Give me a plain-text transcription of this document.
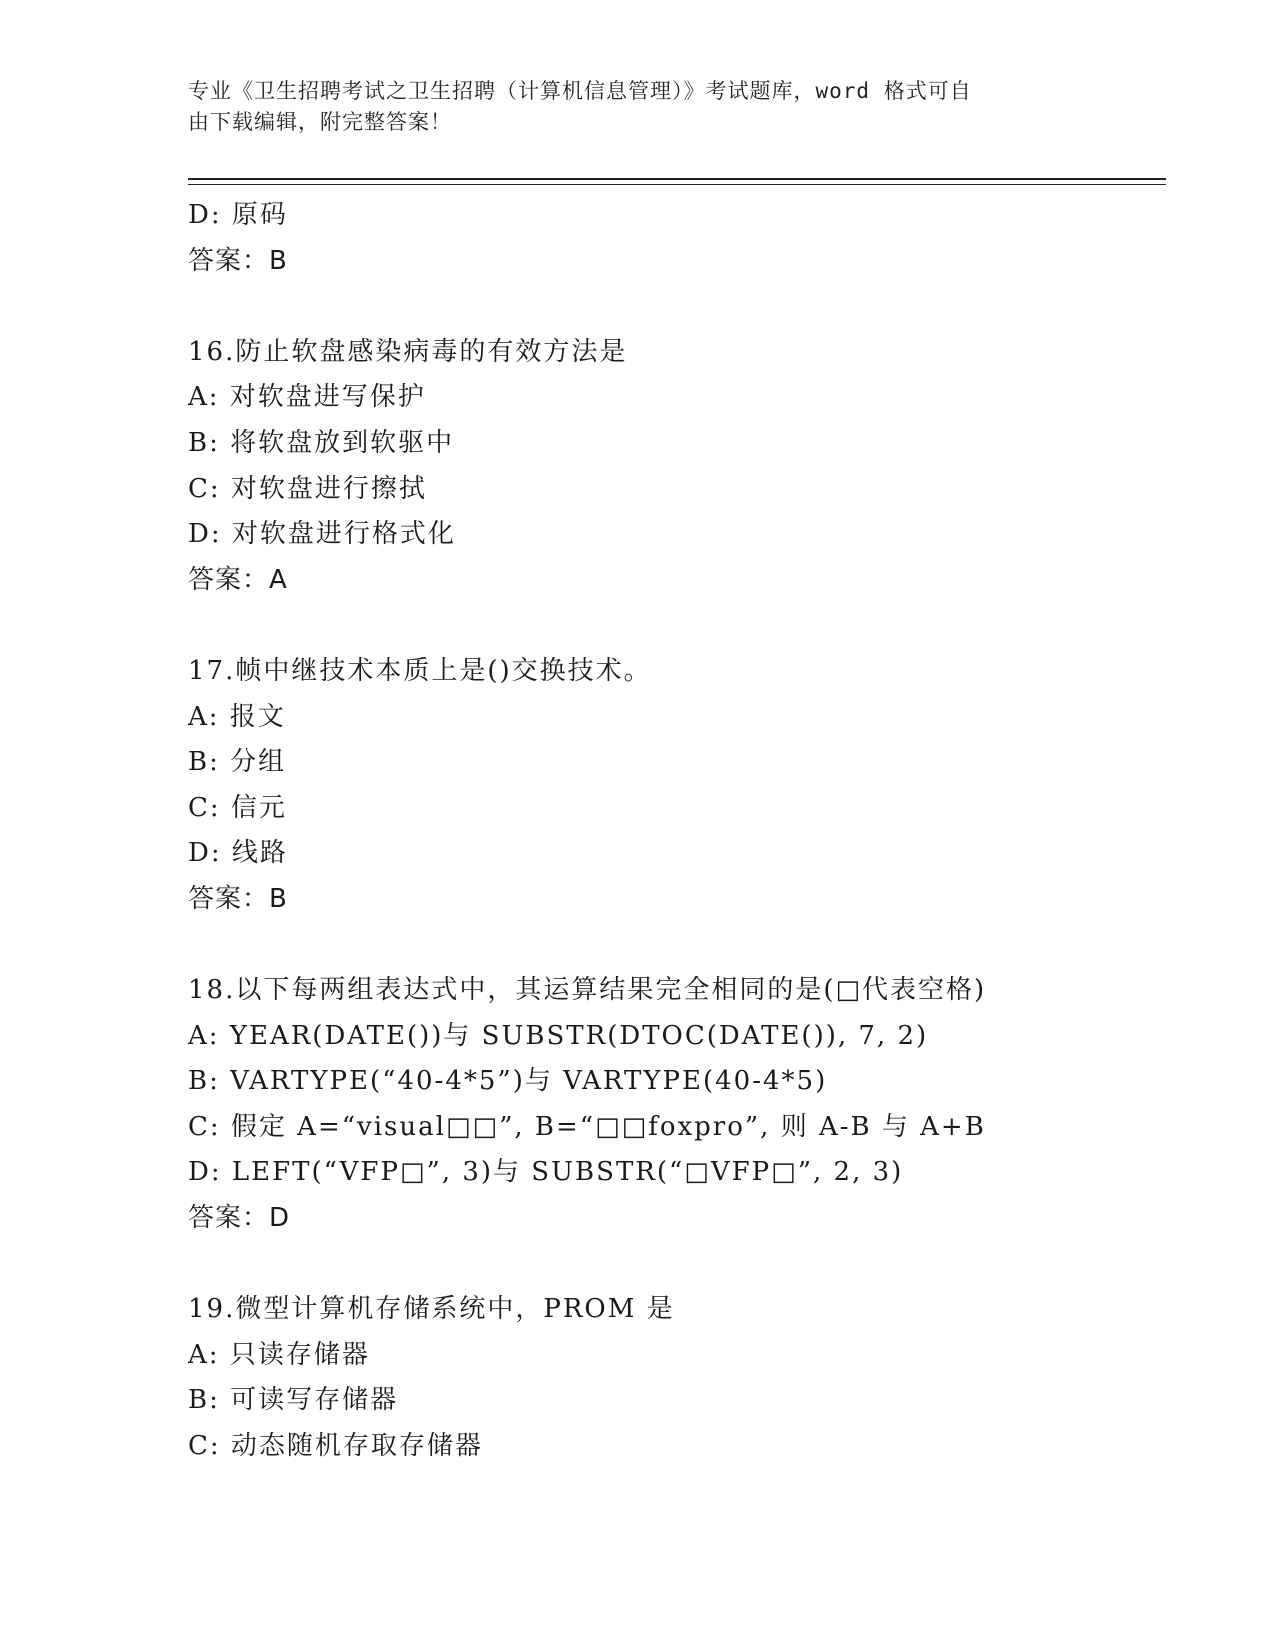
专业《卫生招聘考试之卫生招聘（计算机信息管理）》考试题库，word 格式可自
由下载编辑，附完整答案！
D: 原码
答案：B
16.防止软盘感染病毒的有效方法是
A: 对软盘进写保护
B: 将软盘放到软驱中
C: 对软盘进行擦拭
D: 对软盘进行格式化
答案：A
17.帧中继技术本质上是()交换技术。
A: 报文
B: 分组
C: 信元
D: 线路
答案：B
18.以下每两组表达式中，其运算结果完全相同的是(□代表空格)
A: YEAR(DATE())与 SUBSTR(DTOC(DATE()), 7, 2)
B: VARTYPE(“40-4*5”)与 VARTYPE(40-4*5)
C: 假定 A=“visual□□”, B=“□□foxpro”, 则 A-B 与 A+B
D: LEFT(“VFP□”, 3)与 SUBSTR(“□VFP□”, 2, 3)
答案：D
19.微型计算机存储系统中，PROM 是
A: 只读存储器
B: 可读写存储器
C: 动态随机存取存储器
